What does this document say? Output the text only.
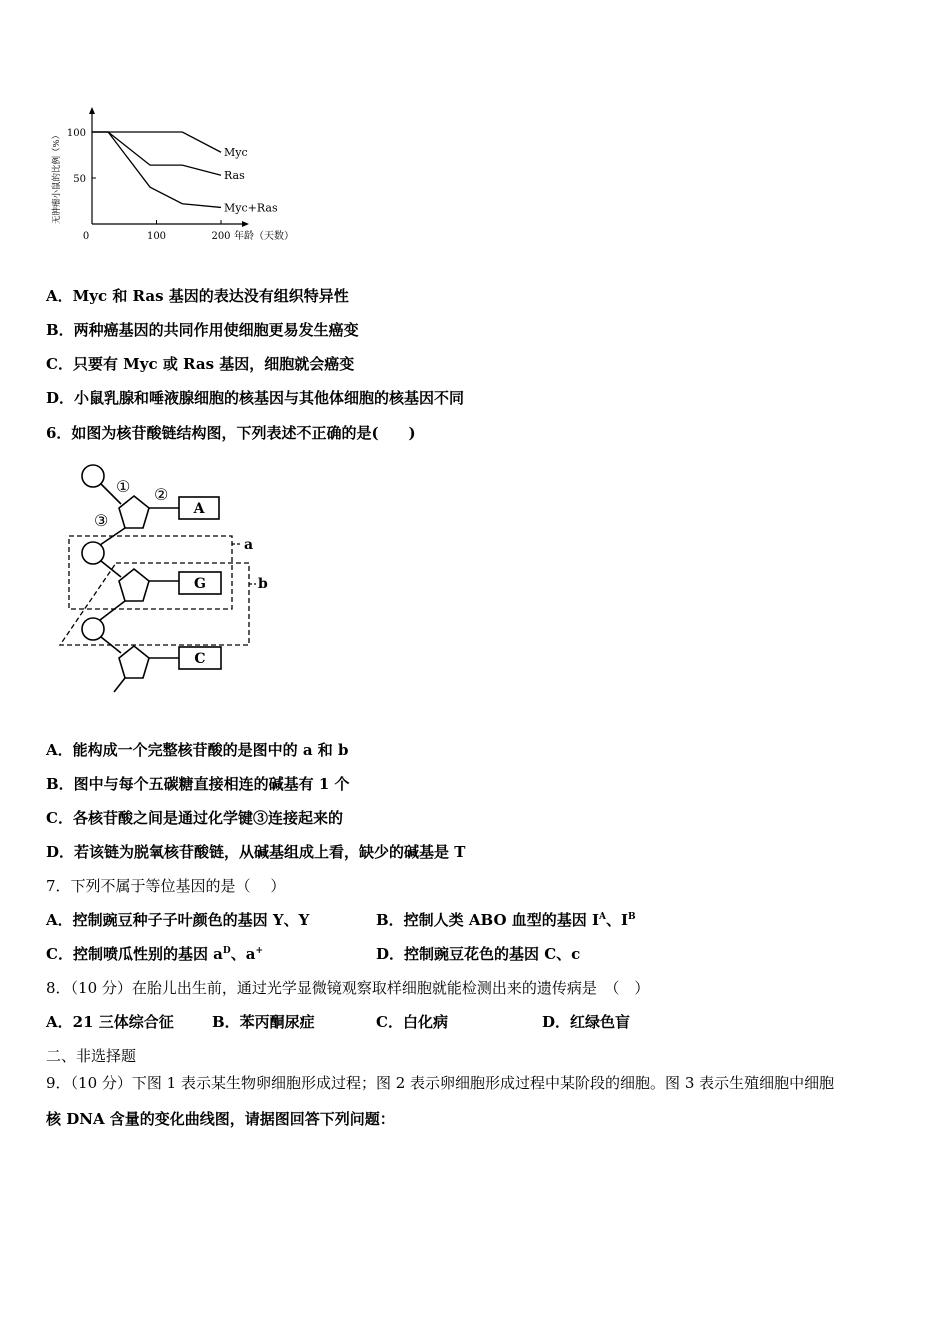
50
100
0	100	200 年龄（天数）
无肿瘤小鼠的比例（%）	Myc
Ras
Myc+Ras
A．Myc 和 Ras 基因的表达没有组织特异性
B．两种癌基因的共同作用使细胞更易发生癌变
C．只要有 Myc 或 Ras 基因，细胞就会癌变
D．小鼠乳腺和唾液腺细胞的核基因与其他体细胞的核基因不同
6．如图为核苷酸链结构图，下列表述不正确的是(　　)
A
① ②
③
G
C
a
b
A．能构成一个完整核苷酸的是图中的 a 和 b
B．图中与每个五碳糖直接相连的碱基有 1 个
C．各核苷酸之间是通过化学键③连接起来的
D．若该链为脱氧核苷酸链，从碱基组成上看，缺少的碱基是 T
7．下列不属于等位基因的是（　 ）
A．控制豌豆种子子叶颜色的基因 Y、Y	B．控制人类 ABO 血型的基因 $I^A$、$I^B$
C．控制喷瓜性别的基因 $a^D$、a+	D．控制豌豆花色的基因 C、c
8．（10 分）在胎儿出生前，通过光学显微镜观察取样细胞就能检测出来的遗传病是　（　）
A．21 三体综合征	B．苯丙酮尿症	C．白化病	D．红绿色盲
二、非选择题
9．（10 分）下图 1 表示某生物卵细胞形成过程；图 2 表示卵细胞形成过程中某阶段的细胞。图 3 表示生殖细胞中细胞
核 DNA 含量的变化曲线图，请据图回答下列问题：
